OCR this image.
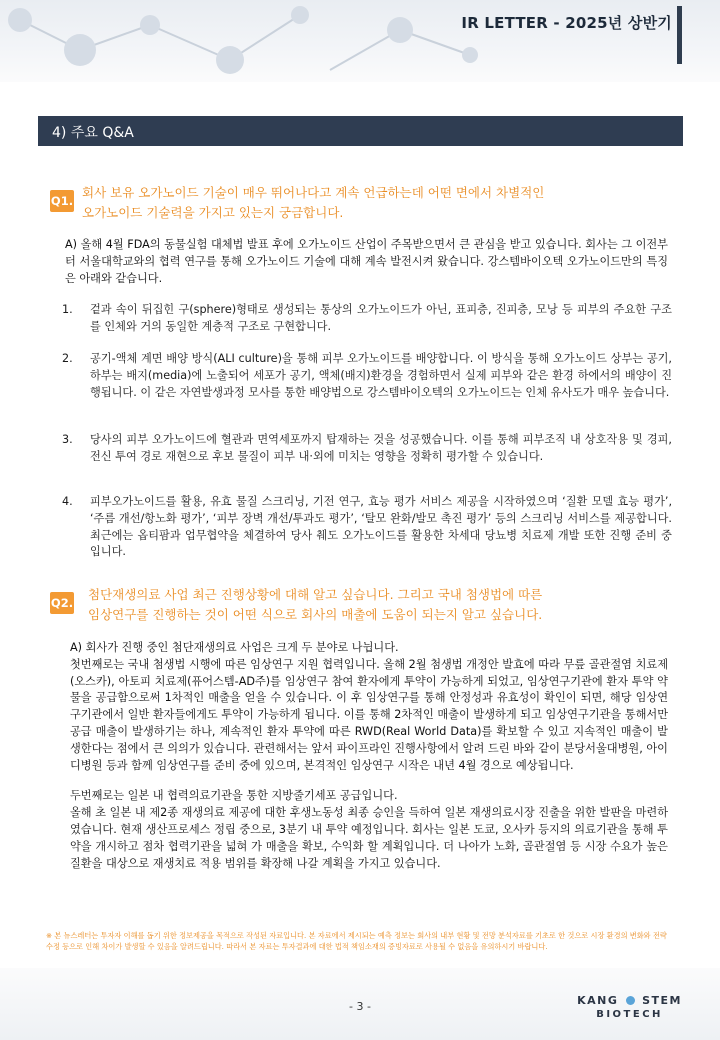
IR LETTER - 2025년 상반기
4) 주요 Q&A
Q1.

회사 보유 오가노이드 기술이 매우 뛰어나다고 계속 언급하는데 어떤 면에서 차별적인

오가노이드 기술력을 가지고 있는지 궁금합니다.

A) 올해 4월 FDA의 동물실험 대체법 발표 후에 오가노이드 산업이 주목받으면서 큰 관심을 받고 있습니다. 회사는 그 이전부터 서울대학교와의 협력 연구를 통해 오가노이드 기술에 대해 계속 발전시켜 왔습니다. 강스템바이오텍 오가노이드만의 특징은 아래와 같습니다.

1. 겉과 속이 뒤집힌 구(sphere)형태로 생성되는 통상의 오가노이드가 아닌, 표피층, 진피층, 모낭 등 피부의 주요한 구조를 인체와 거의 동일한 계층적 구조로 구현합니다.
2. 공기-액체 계면 배양 방식(ALI culture)을 통해 피부 오가노이드를 배양합니다. 이 방식을 통해 오가노이드 상부는 공기, 하부는 배지(media)에 노출되어 세포가 공기, 액체(배지)환경을 경험하면서 실제 피부와 같은 환경 하에서의 배양이 진행됩니다. 이 같은 자연발생과정 모사를 통한 배양법으로 강스템바이오텍의 오가노이드는 인체 유사도가 매우 높습니다.
3. 당사의 피부 오가노이드에 혈관과 면역세포까지 탑재하는 것을 성공했습니다. 이를 통해 피부조직 내 상호작용 및 경피, 전신 투여 경로 재현으로 후보 물질이 피부 내·외에 미치는 영향을 정확히 평가할 수 있습니다.
4. 피부오가노이드를 활용, 유효 물질 스크리닝, 기전 연구, 효능 평가 서비스 제공을 시작하였으며 ‘질환 모델 효능 평가’, ‘주름 개선/항노화 평가’, ‘피부 장벽 개선/투과도 평가’, ‘탈모 완화/발모 촉진 평가’ 등의 스크리닝 서비스를 제공합니다. 최근에는 옵티팜과 업무협약을 체결하여 당사 췌도 오가노이드를 활용한 차세대 당뇨병 치료제 개발 또한 진행 준비 중입니다.
Q2.

첨단재생의료 사업 최근 진행상황에 대해 알고 싶습니다. 그리고 국내 첨생법에 따른

임상연구를 진행하는 것이 어떤 식으로 회사의 매출에 도움이 되는지 알고 싶습니다.

A) 회사가 진행 중인 첨단재생의료 사업은 크게 두 분야로 나뉩니다.

첫번째로는 국내 첨생법 시행에 따른 임상연구 지원 협력입니다. 올해 2월 첨생법 개정안 발효에 따라 무릎 골관절염 치료제(오스카), 아토피 치료제(퓨어스템-AD주)를 임상연구 참여 환자에게 투약이 가능하게 되었고, 임상연구기관에 환자 투약 약물을 공급함으로써 1차적인 매출을 얻을 수 있습니다. 이 후 임상연구를 통해 안정성과 유효성이 확인이 되면, 해당 임상연구기관에서 일반 환자들에게도 투약이 가능하게 됩니다. 이를 통해 2차적인 매출이 발생하게 되고 임상연구기관을 통해서만 공급 매출이 발생하기는 하나, 계속적인 환자 투약에 따른 RWD(Real World Data)를 확보할 수 있고 지속적인 매출이 발생한다는 점에서 큰 의의가 있습니다. 관련해서는 앞서 파이프라인 진행사항에서 알려 드린 바와 같이 분당서울대병원, 아이디병원 등과 함께 임상연구를 준비 중에 있으며, 본격적인 임상연구 시작은 내년 4월 경으로 예상됩니다.

두번째로는 일본 내 협력의료기관을 통한 지방줄기세포 공급입니다.

올해 초 일본 내 제2종 재생의료 제공에 대한 후생노동성 최종 승인을 득하여 일본 재생의료시장 진출을 위한 발판을 마련하였습니다. 현재 생산프로세스 정립 중으로, 3분기 내 투약 예정입니다. 회사는 일본 도쿄, 오사카 등지의 의료기관을 통해 투약을 개시하고 점차 협력기관을 넓혀 가 매출을 확보, 수익화 할 계획입니다. 더 나아가 노화, 골관절염 등 시장 수요가 높은 질환을 대상으로 재생치료 적용 범위를 확장해 나갈 계획을 가지고 있습니다.

※ 본 뉴스레터는 투자자 이해를 돕기 위한 정보제공을 목적으로 작성된 자료입니다. 본 자료에서 제시되는 예측 정보는 회사의 내부 현황 및 전망 분석자료를 기초로 한 것으로 시장 환경의 변화와 전략 수정 등으로 인해 차이가 발생할 수 있음을 알려드립니다. 따라서 본 자료는 투자결과에 대한 법적 책임소재의 증빙자료로 사용될 수 없음을 유의하시기 바랍니다.
- 3 -	KANG STEM
BIOTECH
